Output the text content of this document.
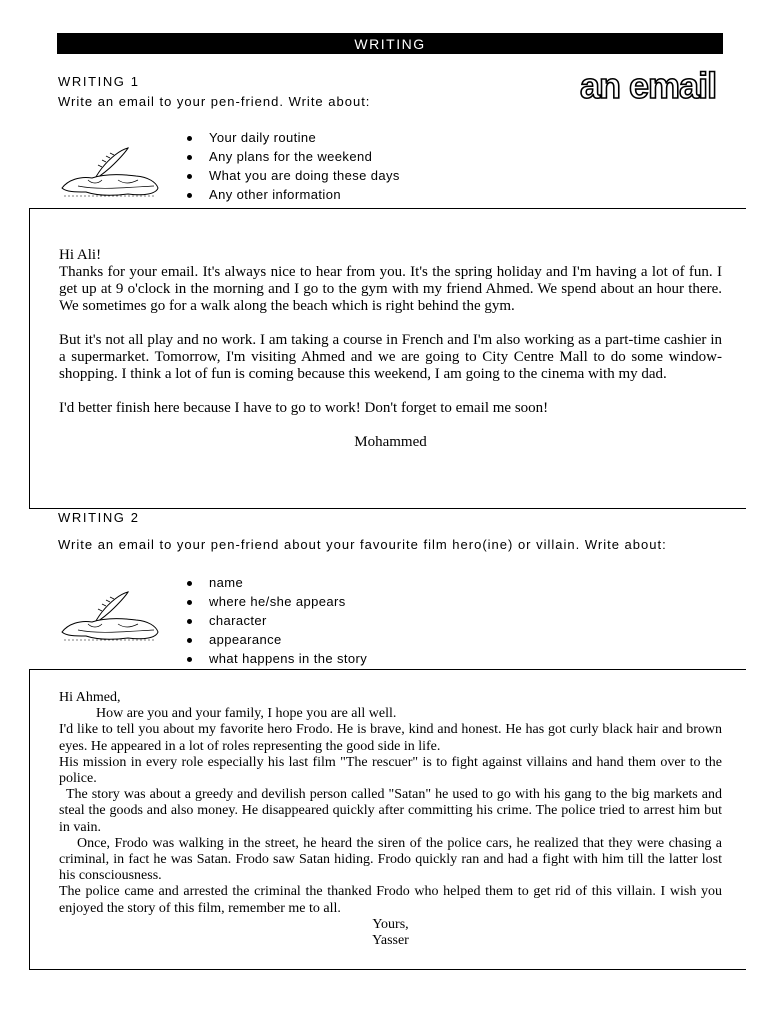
WRITING
an email
WRITING 1
Write an email to your pen-friend. Write about:
Your daily routine
Any plans for the weekend
What you are doing these days
Any other information

Hi Ali!

Thanks for your email. It's always nice to hear from you. It's the spring holiday and I'm having a lot of fun. I get up at 9 o'clock in the morning and I go to the gym with my friend Ahmed. We spend about an hour there. We sometimes go for a walk along the beach which is right behind the gym.

But it's not all play and no work. I am taking a course in French and I'm also working as a part-time cashier in a supermarket. Tomorrow, I'm visiting Ahmed and we are going to City Centre Mall to do some window-shopping. I think a lot of fun is coming because this weekend, I am going to the cinema with my dad.

I'd better finish here because I have to go to work! Don't forget to email me soon!

Mohammed

WRITING 2
Write an email to your pen-friend about your favourite film hero(ine) or villain. Write about:
name
where he/she appears
character
appearance
what happens in the story

Hi Ahmed,

How are you and your family, I hope you are all well.

I'd like to tell you about my favorite hero Frodo. He is brave, kind and honest. He has got curly black hair and brown eyes. He appeared in a lot of roles representing the good side in life.

His mission in every role especially his last film "The rescuer" is to fight against villains and hand them over to the police.

The story was about a greedy and devilish person called "Satan" he used to go with his gang to the big markets and steal the goods and also money. He disappeared quickly after committing his crime. The police tried to arrest him but in vain.

Once, Frodo was walking in the street, he heard the siren of the police cars, he realized that they were chasing a criminal, in fact he was Satan. Frodo saw Satan hiding. Frodo quickly ran and had a fight with him till the latter lost his consciousness.

The police came and arrested the criminal the thanked Frodo who helped them to get rid of this villain. I wish you enjoyed the story of this film, remember me to all.

Yours,

Yasser
